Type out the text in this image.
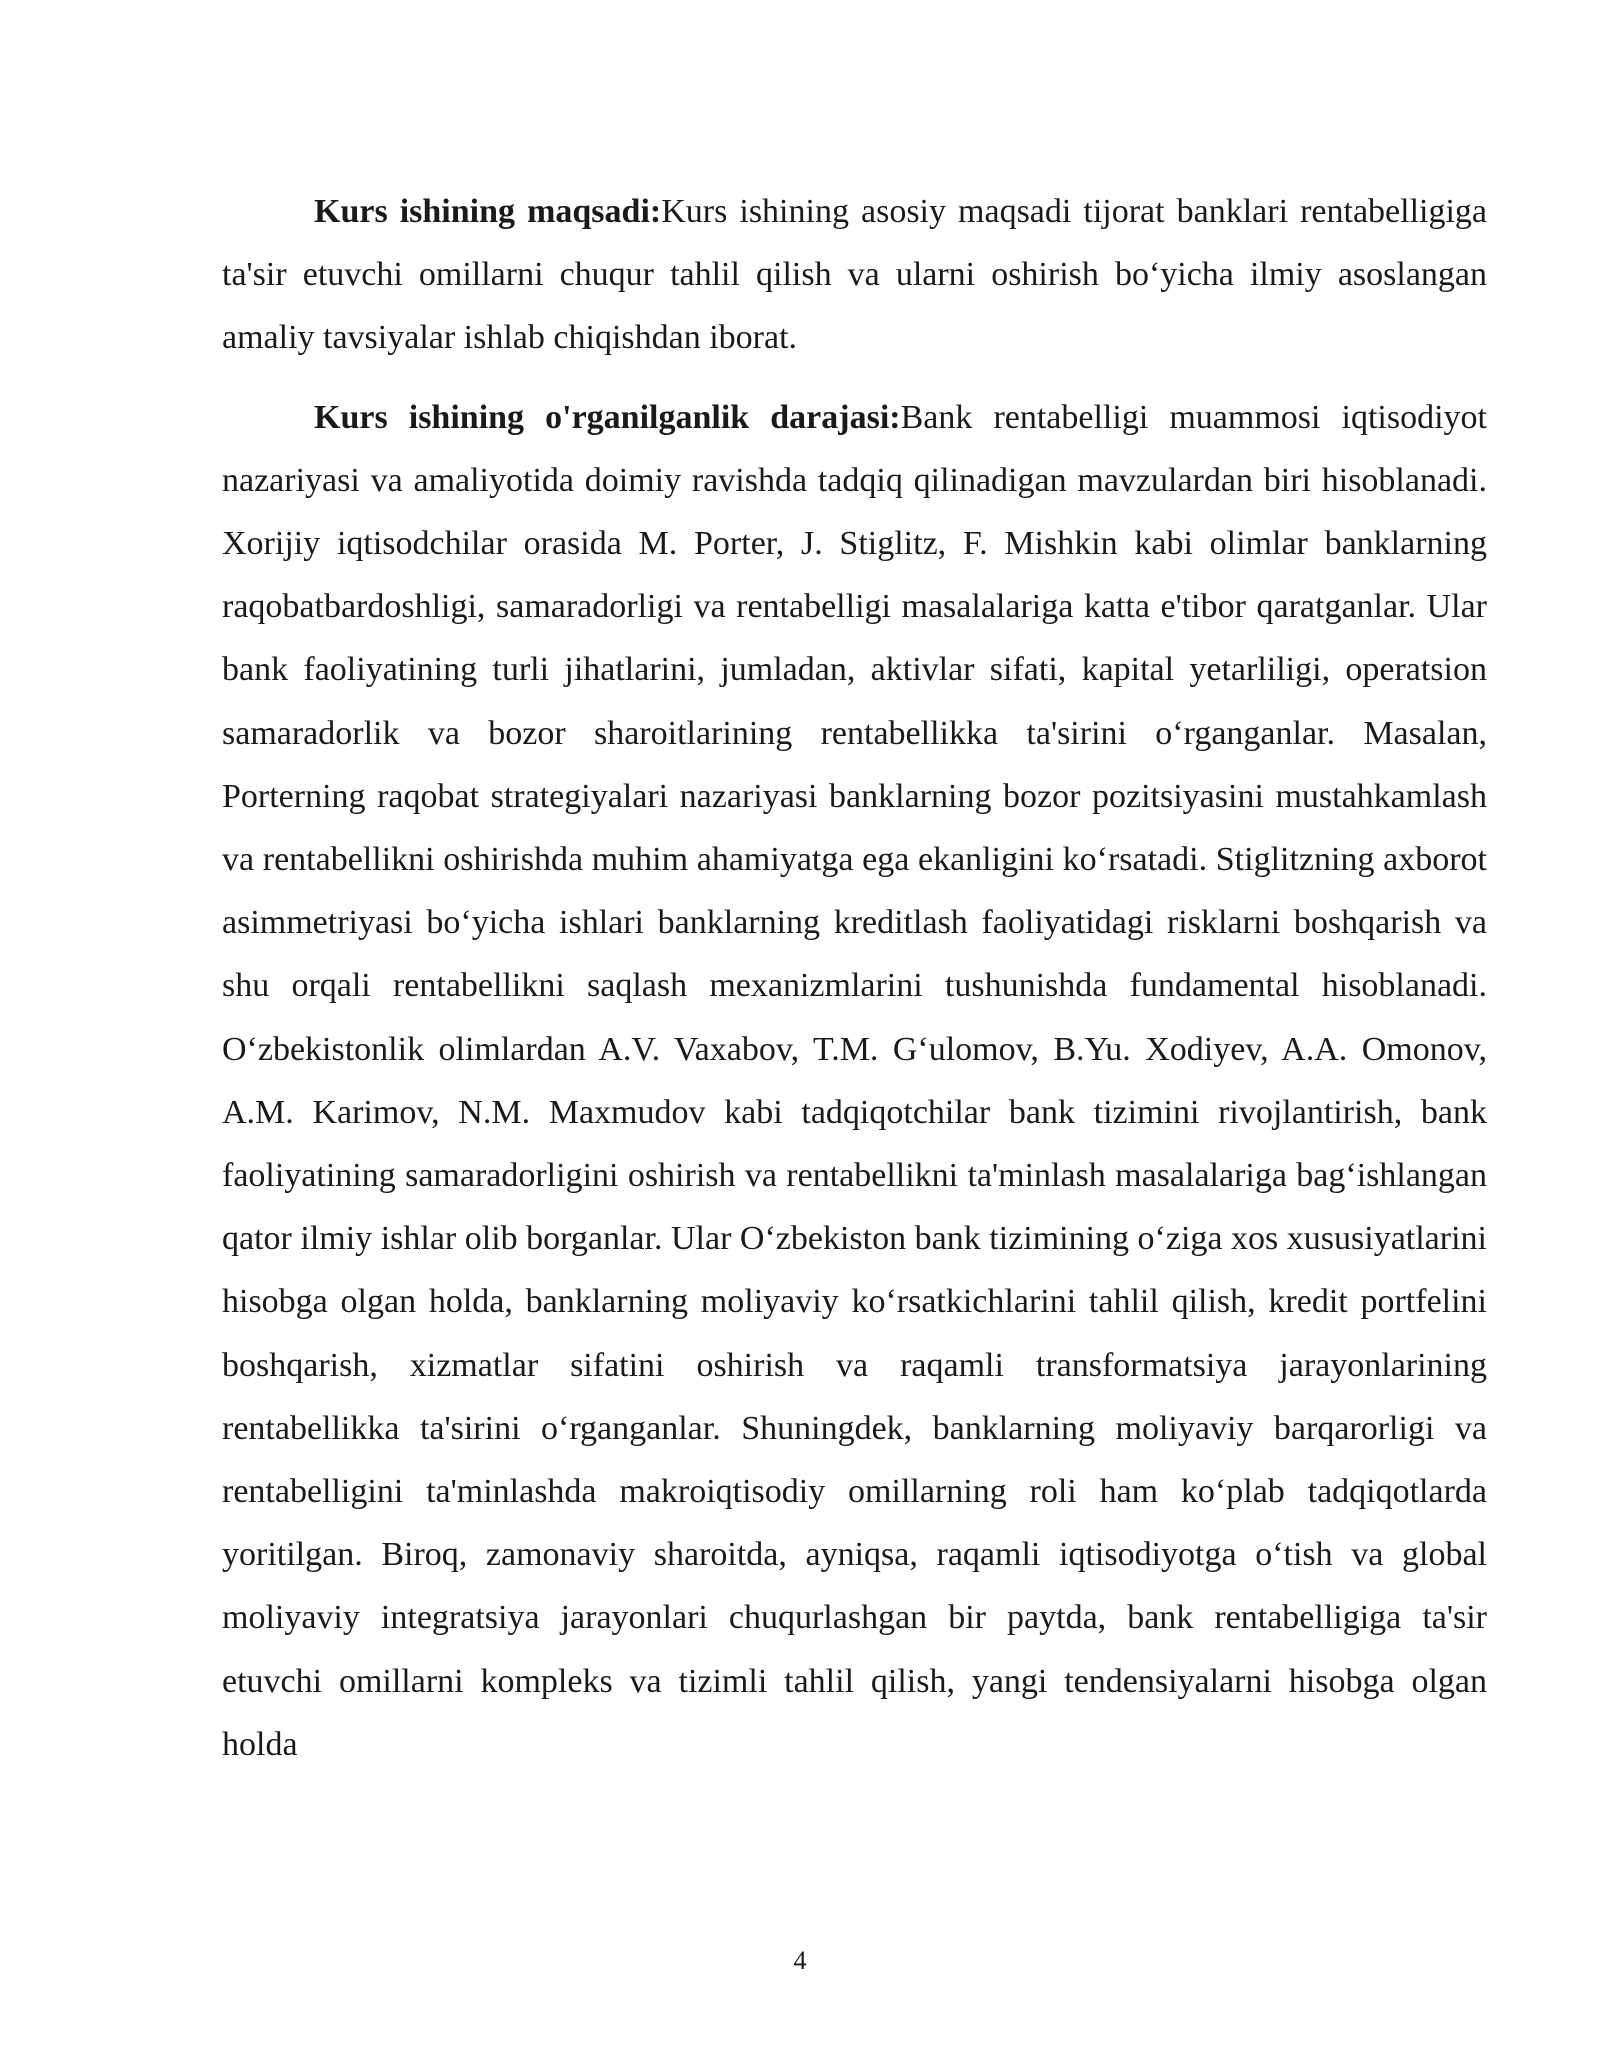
Kurs ishining maqsadi:Kurs ishining asosiy maqsadi tijorat banklari rentabelligiga ta'sir etuvchi omillarni chuqur tahlil qilish va ularni oshirish bo‘yicha ilmiy asoslangan amaliy tavsiyalar ishlab chiqishdan iborat.

Kurs ishining o'rganilganlik darajasi:Bank rentabelligi muammosi iqtisodiyot nazariyasi va amaliyotida doimiy ravishda tadqiq qilinadigan mavzulardan biri hisoblanadi. Xorijiy iqtisodchilar orasida M. Porter, J. Stiglitz, F. Mishkin kabi olimlar banklarning raqobatbardoshligi, samaradorligi va rentabelligi masalalariga katta e'tibor qaratganlar. Ular bank faoliyatining turli jihatlarini, jumladan, aktivlar sifati, kapital yetarliligi, operatsion samaradorlik va bozor sharoitlarining rentabellikka ta'sirini o‘rganganlar. Masalan, Porterning raqobat strategiyalari nazariyasi banklarning bozor pozitsiyasini mustahkamlash va rentabellikni oshirishda muhim ahamiyatga ega ekanligini ko‘rsatadi. Stiglitzning axborot asimmetriyasi bo‘yicha ishlari banklarning kreditlash faoliyatidagi risklarni boshqarish va shu orqali rentabellikni saqlash mexanizmlarini tushunishda fundamental hisoblanadi. O‘zbekistonlik olimlardan A.V. Vaxabov, T.M. G‘ulomov, B.Yu. Xodiyev, A.A. Omonov, A.M. Karimov, N.M. Maxmudov kabi tadqiqotchilar bank tizimini rivojlantirish, bank faoliyatining samaradorligini oshirish va rentabellikni ta'minlash masalalariga bag‘ishlangan qator ilmiy ishlar olib borganlar. Ular O‘zbekiston bank tizimining o‘ziga xos xususiyatlarini hisobga olgan holda, banklarning moliyaviy ko‘rsatkichlarini tahlil qilish, kredit portfelini boshqarish, xizmatlar sifatini oshirish va raqamli transformatsiya jarayonlarining rentabellikka ta'sirini o‘rganganlar. Shuningdek, banklarning moliyaviy barqarorligi va rentabelligini ta'minlashda makroiqtisodiy omillarning roli ham ko‘plab tadqiqotlarda yoritilgan. Biroq, zamonaviy sharoitda, ayniqsa, raqamli iqtisodiyotga o‘tish va global moliyaviy integratsiya jarayonlari chuqurlashgan bir paytda, bank rentabelligiga ta'sir etuvchi omillarni kompleks va tizimli tahlil qilish, yangi tendensiyalarni hisobga olgan holda

4
